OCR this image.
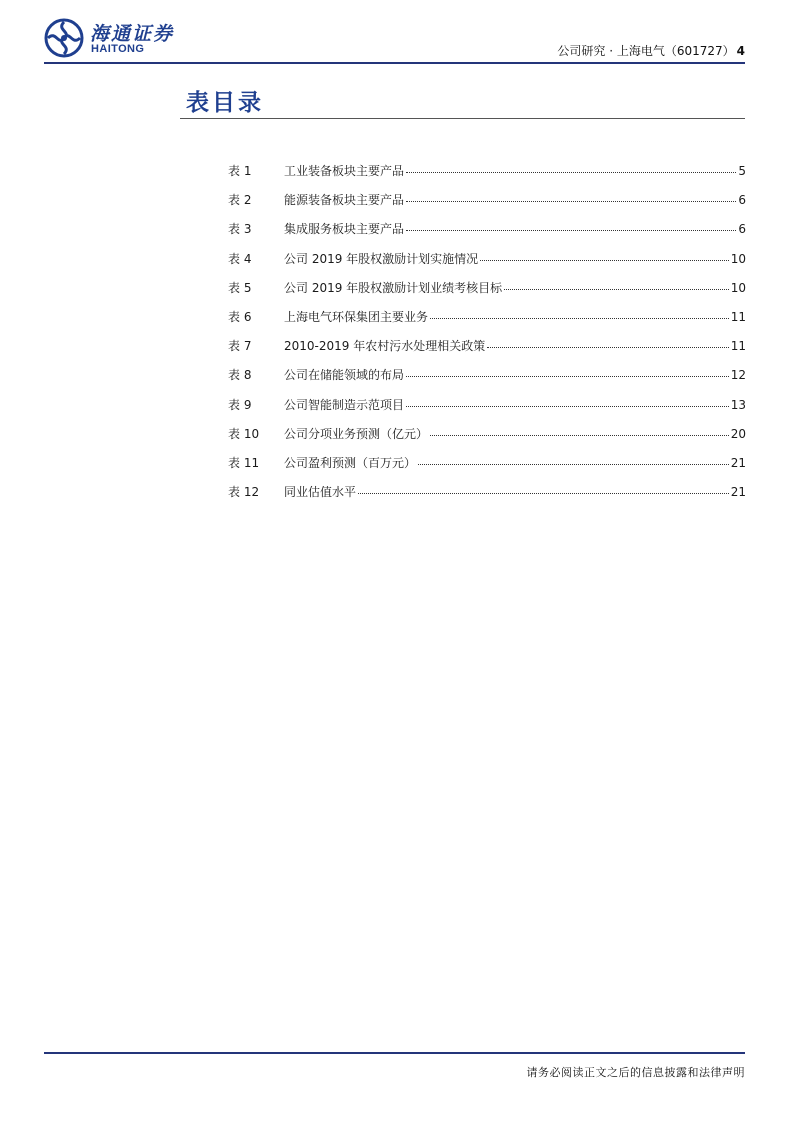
海通证券
HAITONG	公司研究 · 上海电气（601727） 4
表目录
表 1	工业装备板块主要产品	5
表 2	能源装备板块主要产品	6
表 3	集成服务板块主要产品	6
表 4	公司 2019 年股权激励计划实施情况	10
表 5	公司 2019 年股权激励计划业绩考核目标	10
表 6	上海电气环保集团主要业务	11
表 7	2010-2019 年农村污水处理相关政策	11
表 8	公司在储能领域的布局	12
表 9	公司智能制造示范项目	13
表 10	公司分项业务预测（亿元）	20
表 11	公司盈利预测（百万元）	21
表 12	同业估值水平	21
请务必阅读正文之后的信息披露和法律声明
